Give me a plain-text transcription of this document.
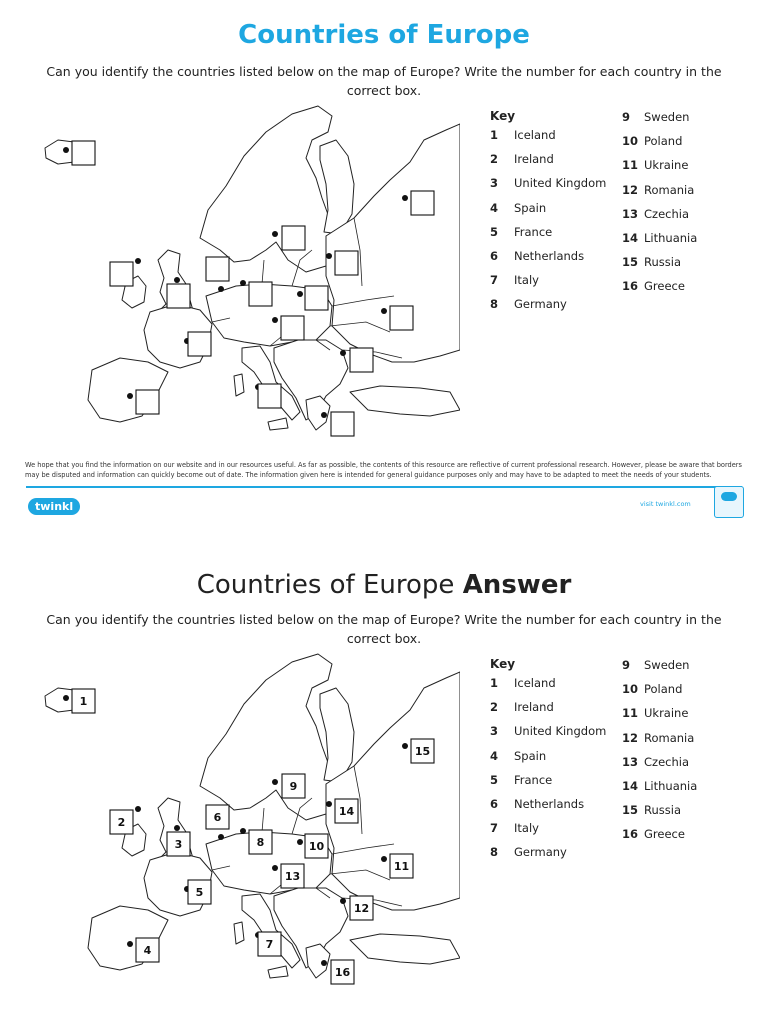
Countries of Europe
Can you identify the countries listed below on the map of Europe? Write the number for each country in the correct box.
Key
1 Iceland
2 Ireland
3 United Kingdom
4 Spain
5 France
6 Netherlands
7 Italy
8 Germany
9 Sweden
10 Poland
11 Ukraine
12 Romania
13 Czechia
14 Lithuania
15 Russia
16 Greece
We hope that you find the information on our website and in our resources useful. As far as possible, the contents of this resource are reflective of current professional research. However, please be aware that borders may be disputed and information can quickly become out of date. The information given here is intended for general guidance purposes only and may have to be adapted to meet the needs of your students.
twinkl	visit twinkl.com
Countries of Europe Answer
Can you identify the countries listed below on the map of Europe? Write the number for each country in the correct box.
1
2
3
4
5
6
7
8
9
10
11
12
13
14
15
16
Key
1 Iceland
2 Ireland
3 United Kingdom
4 Spain
5 France
6 Netherlands
7 Italy
8 Germany
9 Sweden
10 Poland
11 Ukraine
12 Romania
13 Czechia
14 Lithuania
15 Russia
16 Greece
